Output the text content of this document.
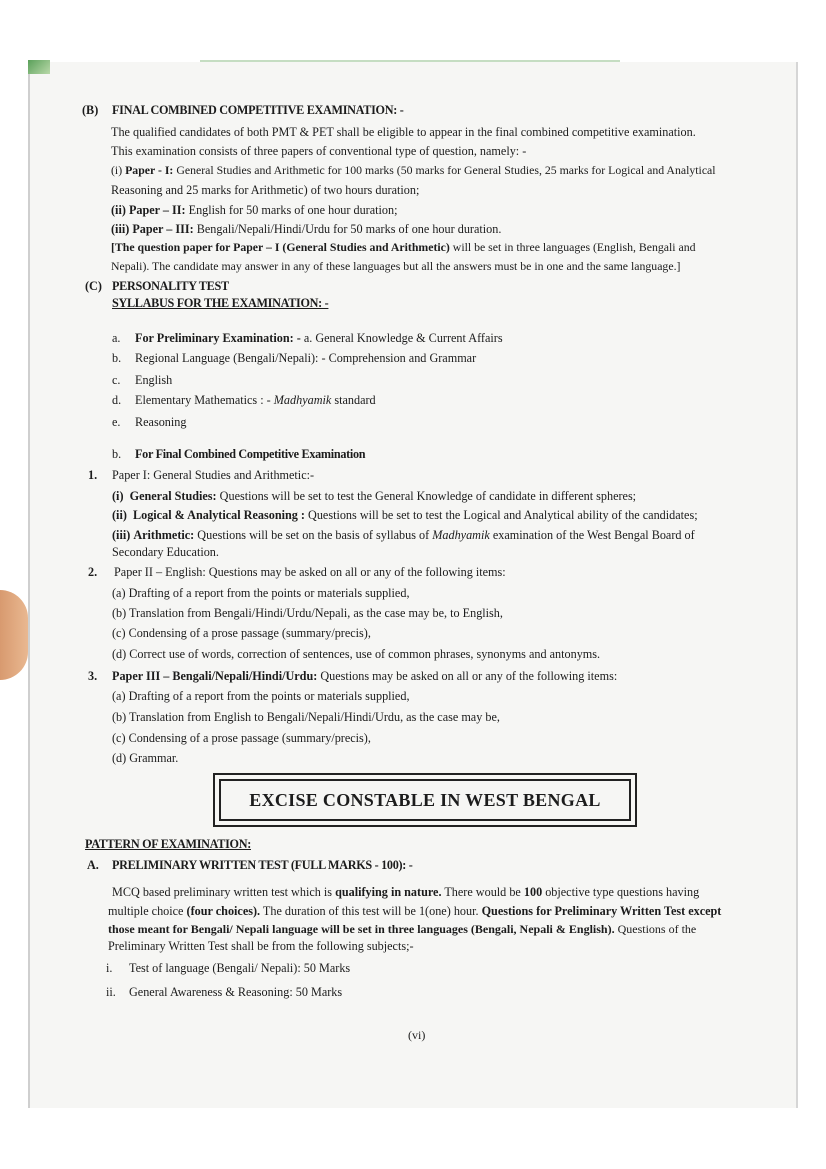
(B) FINAL COMBINED COMPETITIVE EXAMINATION: -
The qualified candidates of both PMT & PET shall be eligible to appear in the final combined competitive examination.
This examination consists of three papers of conventional type of question, namely: -
(i) Paper - I: General Studies and Arithmetic for 100 marks (50 marks for General Studies, 25 marks for Logical and Analytical
Reasoning and 25 marks for Arithmetic) of two hours duration;
(ii) Paper – II: English for 50 marks of one hour duration;
(iii) Paper – III: Bengali/Nepali/Hindi/Urdu for 50 marks of one hour duration.
[The question paper for Paper – I (General Studies and Arithmetic) will be set in three languages (English, Bengali and
Nepali). The candidate may answer in any of these languages but all the answers must be in one and the same language.]
(C) PERSONALITY TEST
SYLLABUS FOR THE EXAMINATION: -
a. For Preliminary Examination: - a. General Knowledge & Current Affairs
b. Regional Language (Bengali/Nepali): - Comprehension and Grammar
c. English
d. Elementary Mathematics : - Madhyamik standard
e. Reasoning
b. For Final Combined Competitive Examination
1. Paper I: General Studies and Arithmetic:-
(i) General Studies: Questions will be set to test the General Knowledge of candidate in different spheres;
(ii) Logical & Analytical Reasoning : Questions will be set to test the Logical and Analytical ability of the candidates;
(iii) Arithmetic: Questions will be set on the basis of syllabus of Madhyamik examination of the West Bengal Board of
Secondary Education.
2. Paper II – English: Questions may be asked on all or any of the following items:
(a) Drafting of a report from the points or materials supplied,
(b) Translation from Bengali/Hindi/Urdu/Nepali, as the case may be, to English,
(c) Condensing of a prose passage (summary/precis),
(d) Correct use of words, correction of sentences, use of common phrases, synonyms and antonyms.
3. Paper III – Bengali/Nepali/Hindi/Urdu: Questions may be asked on all or any of the following items:
(a) Drafting of a report from the points or materials supplied,
(b) Translation from English to Bengali/Nepali/Hindi/Urdu, as the case may be,
(c) Condensing of a prose passage (summary/precis),
(d) Grammar.
EXCISE CONSTABLE IN WEST BENGAL
PATTERN OF EXAMINATION:
A. PRELIMINARY WRITTEN TEST (FULL MARKS - 100): -
MCQ based preliminary written test which is qualifying in nature. There would be 100 objective type questions having
multiple choice (four choices). The duration of this test will be 1(one) hour. Questions for Preliminary Written Test except
those meant for Bengali/ Nepali language will be set in three languages (Bengali, Nepali & English). Questions of the
Preliminary Written Test shall be from the following subjects;-
i. Test of language (Bengali/ Nepali): 50 Marks
ii. General Awareness & Reasoning: 50 Marks
(vi)
